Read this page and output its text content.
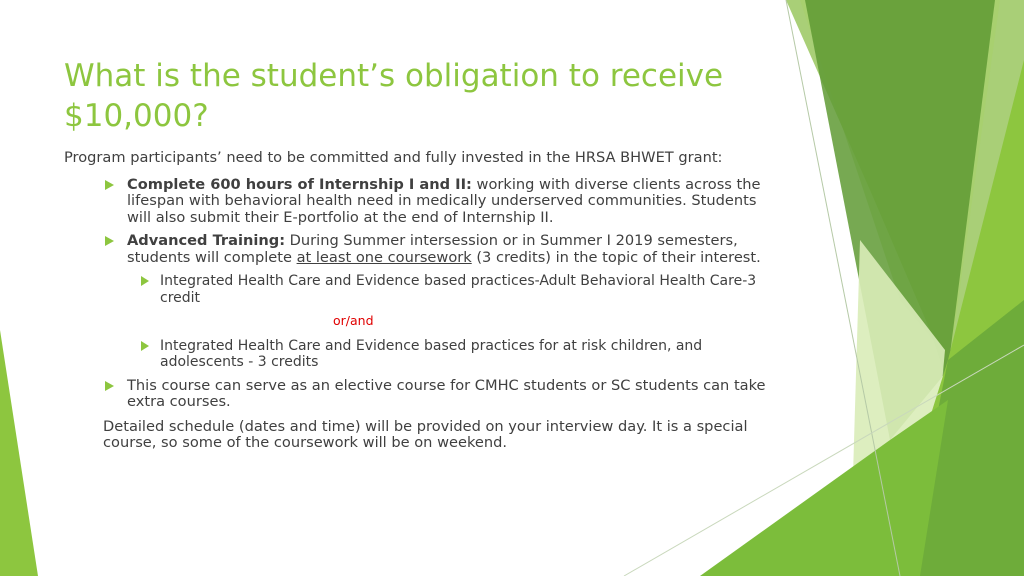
What is the student’s obligation to receive $10,000?

Program participants’ need to be committed and fully invested in the HRSA BHWET grant:

Complete 600 hours of Internship I and II: working with diverse clients across the lifespan with behavioral health need in medically underserved communities. Students will also submit their E-portfolio at the end of Internship II.
Advanced Training: During Summer intersession or in Summer I 2019 semesters, students will complete at least one coursework (3 credits) in the topic of their interest.
Integrated Health Care and Evidence based practices-Adult Behavioral Health Care-3 credit
or/and
Integrated Health Care and Evidence based practices for at risk children, and adolescents - 3 credits
This course can serve as an elective course for CMHC students or SC students can take extra courses.

Detailed schedule (dates and time) will be provided on your interview day. It is a special course, so some of the coursework will be on weekend.
